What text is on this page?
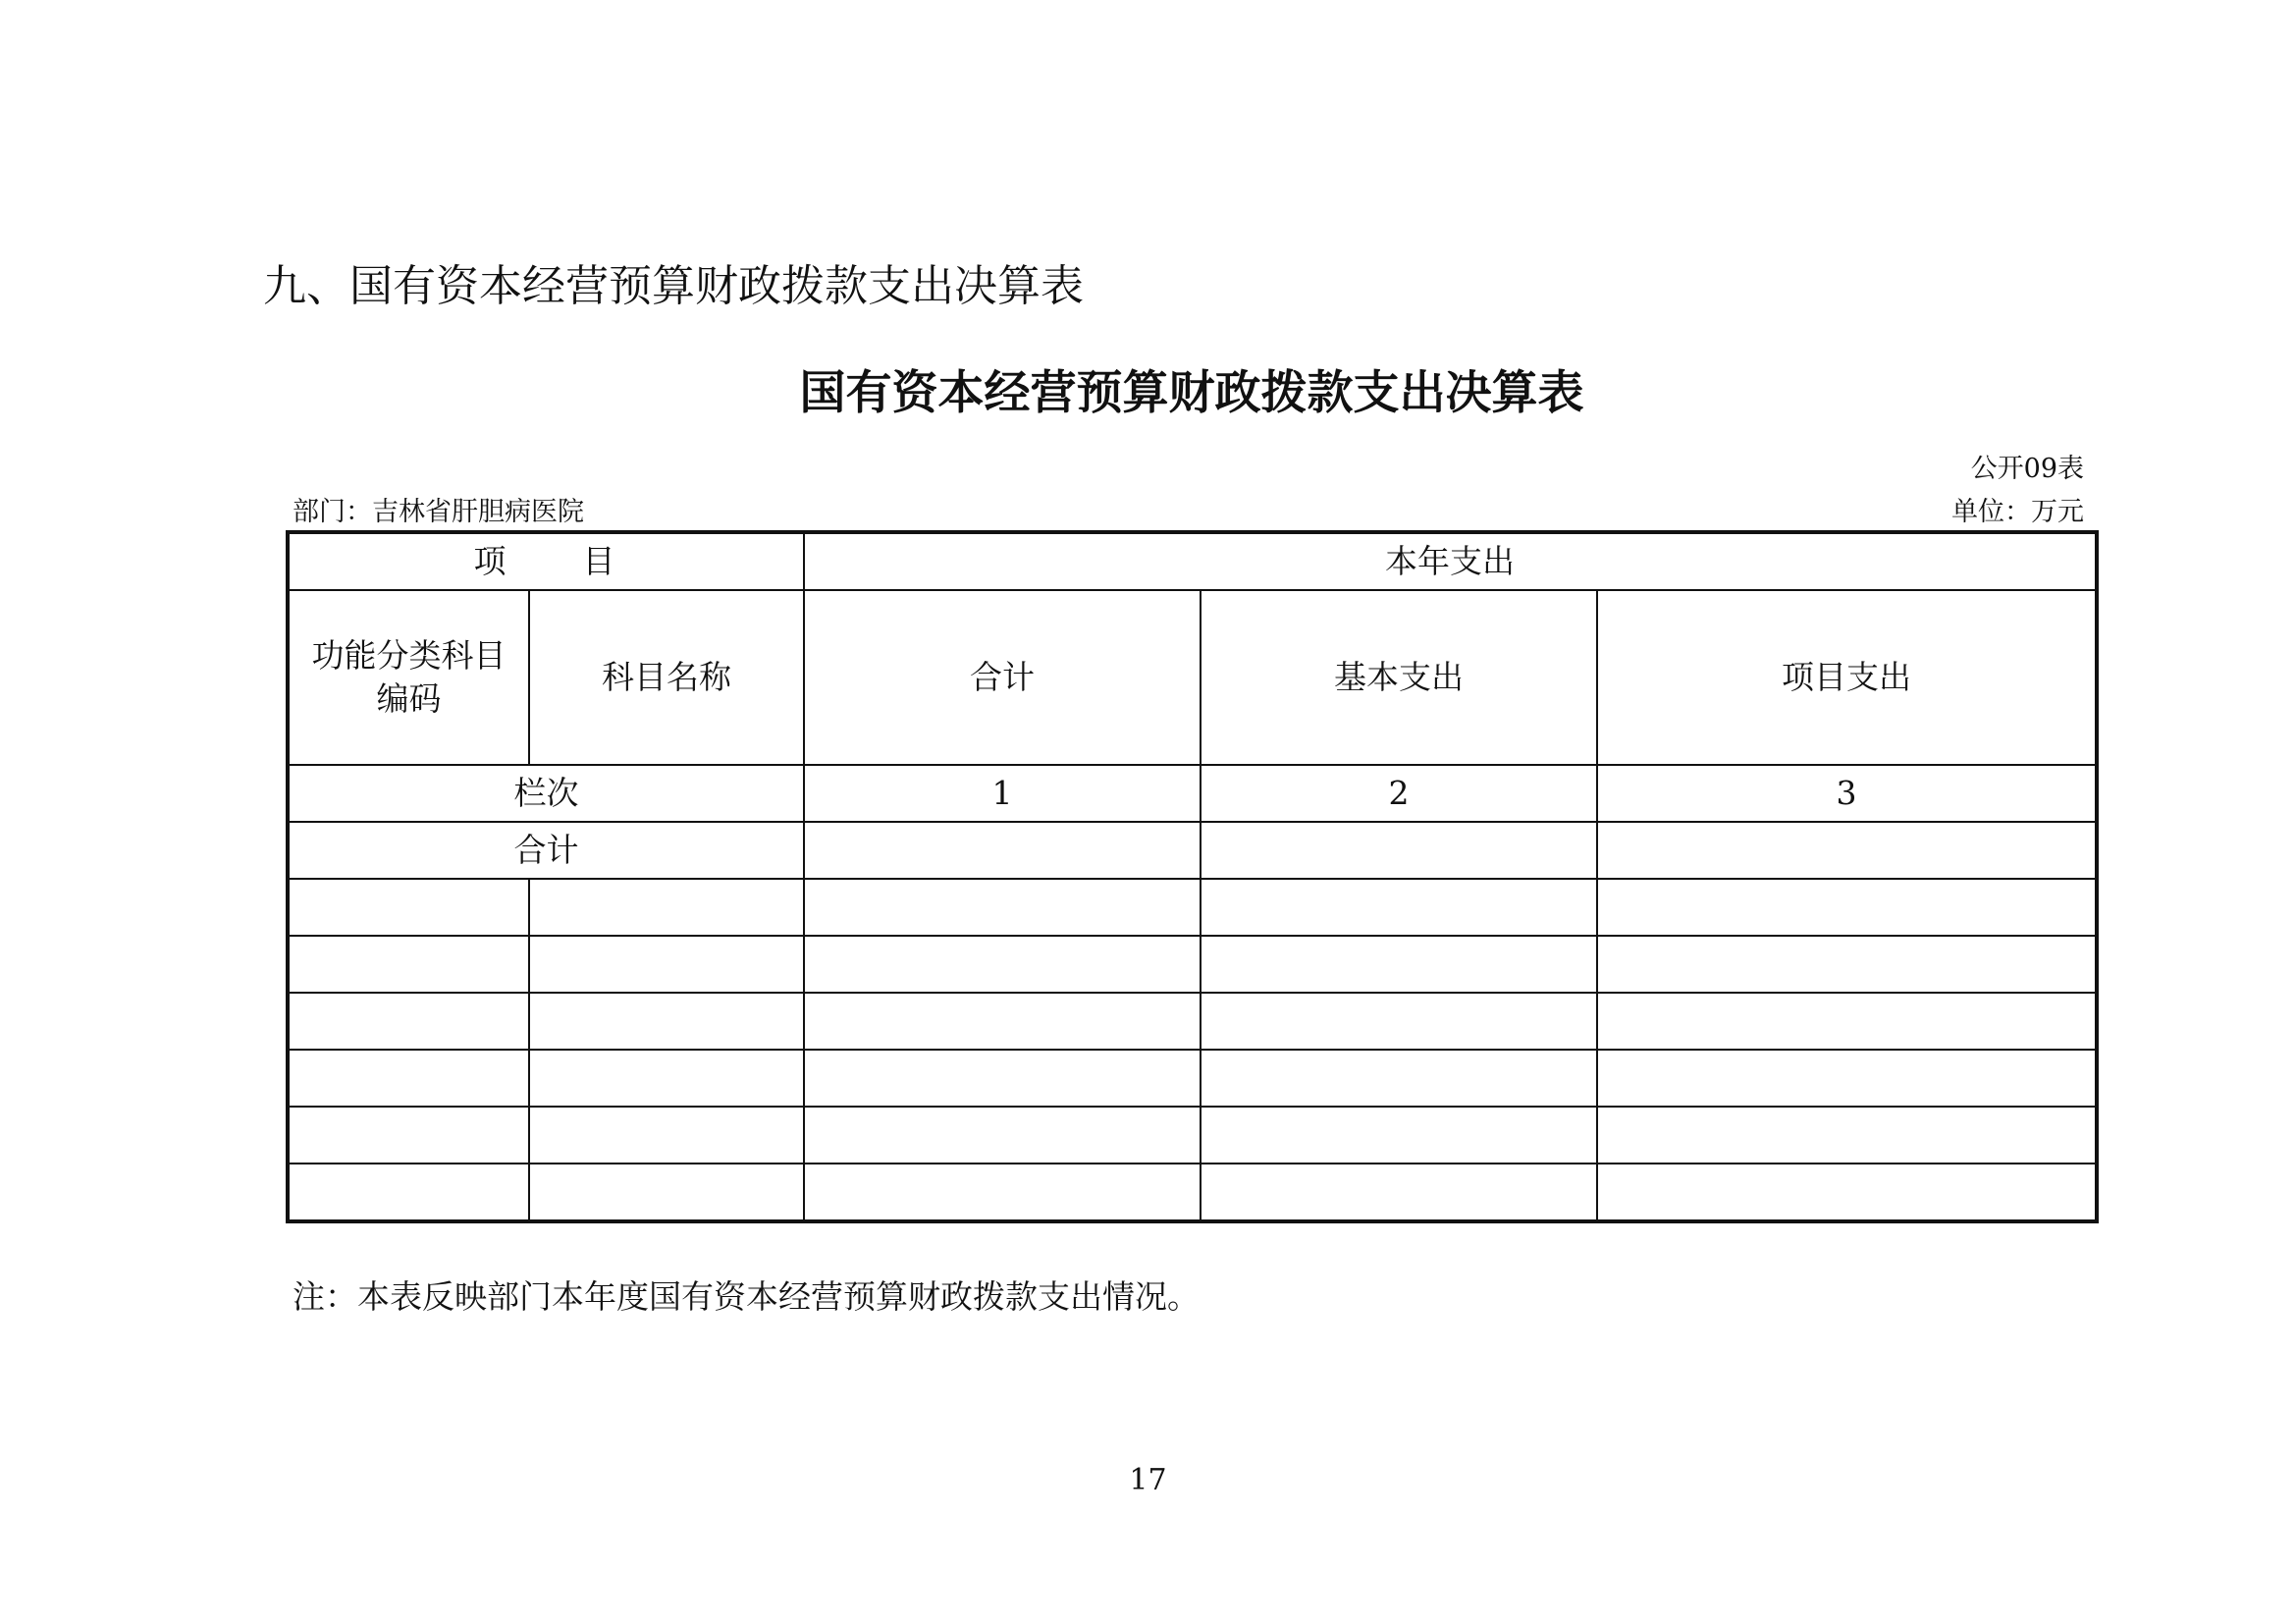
九、国有资本经营预算财政拨款支出决算表
国有资本经营预算财政拨款支出决算表
公开09表
部门：吉林省肝胆病医院	单位：万元
项　　目		本年支出		
功能分类科目编码	科目名称	合计	基本支出	项目支出
栏次		1	2	3
合计				

注：本表反映部门本年度国有资本经营预算财政拨款支出情况。
17
